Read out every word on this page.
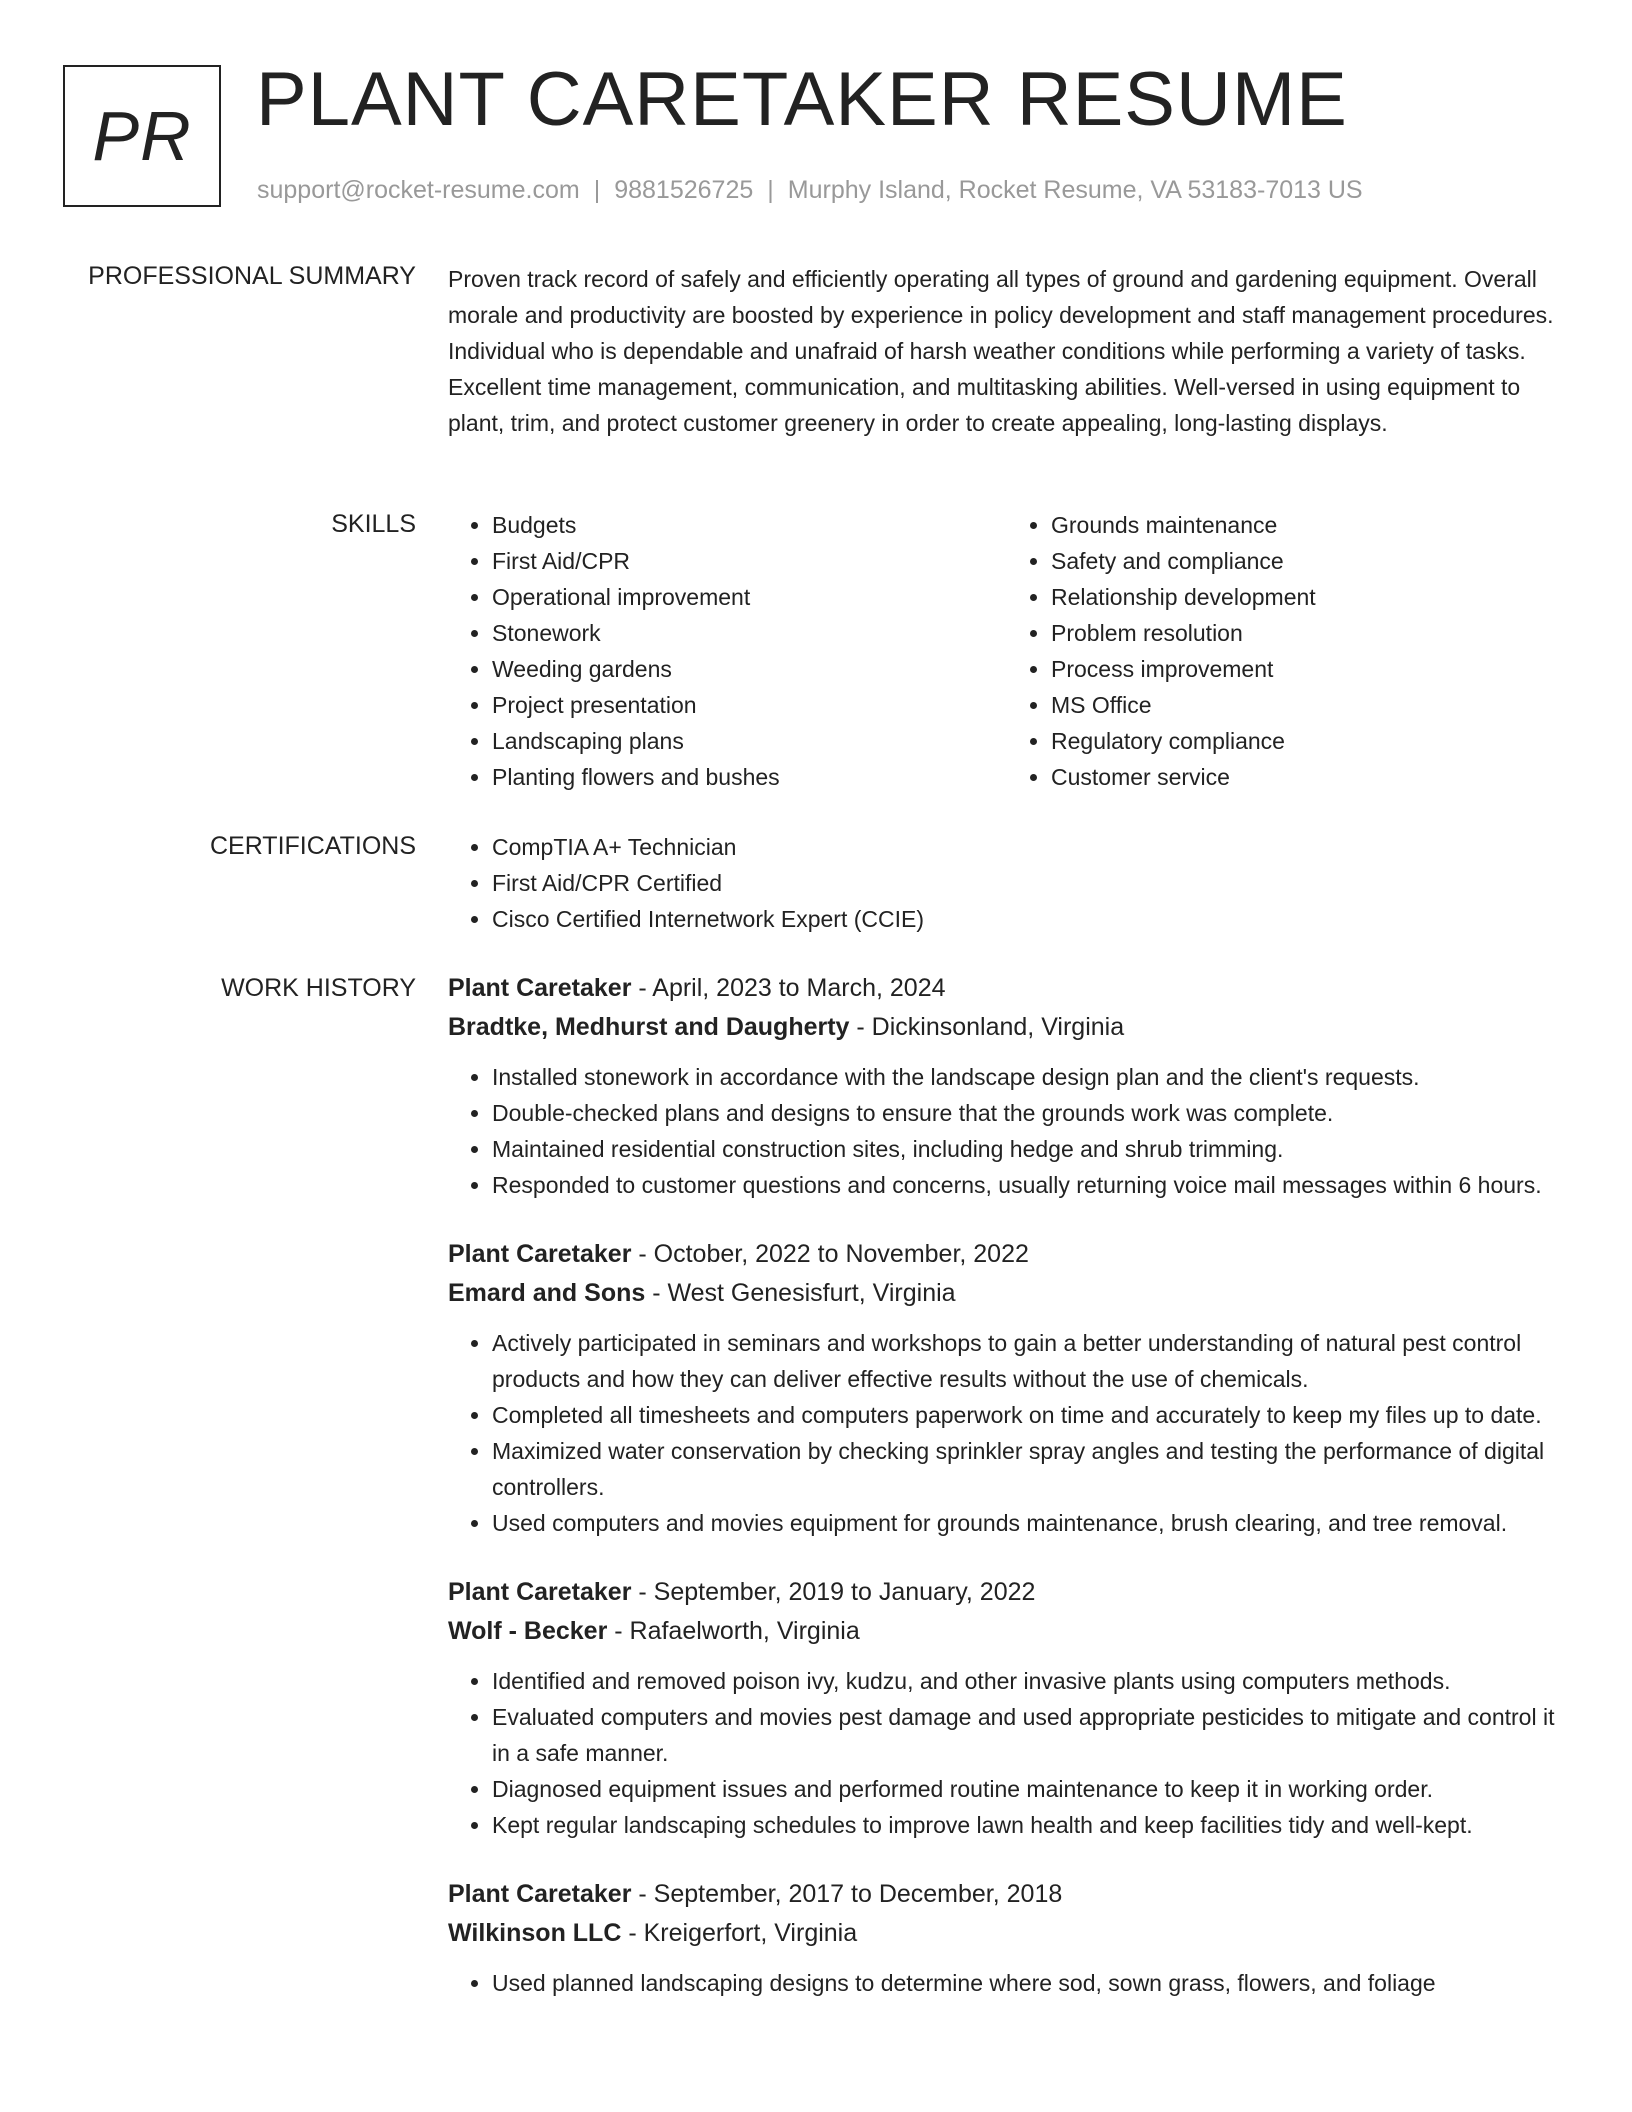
PR PLANT CARETAKER RESUME
support@rocket-resume.com | 9881526725 | Murphy Island, Rocket Resume, VA 53183-7013 US
PROFESSIONAL SUMMARY Proven track record of safely and efficiently operating all types of ground and gardening equipment. Overall morale and productivity are boosted by experience in policy development and staff management procedures. Individual who is dependable and unafraid of harsh weather conditions while performing a variety of tasks. Excellent time management, communication, and multitasking abilities. Well-versed in using equipment to plant, trim, and protect customer greenery in order to create appealing, long-lasting displays.

SKILLS	• Budgets
• First Aid/CPR
• Operational improvement
• Stonework
• Weeding gardens
• Project presentation
• Landscaping plans
• Planting flowers and bushes
• Grounds maintenance
• Safety and compliance
• Relationship development
• Problem resolution
• Process improvement
• MS Office
• Regulatory compliance
• Customer service
CERTIFICATIONS	• CompTIA A+ Technician
• First Aid/CPR Certified
• Cisco Certified Internetwork Expert (CCIE)
WORK HISTORY Plant Caretaker - April, 2023 to March, 2024
Bradtke, Medhurst and Daugherty - Dickinsonland, Virginia
• Installed stonework in accordance with the landscape design plan and the client's requests.
• Double-checked plans and designs to ensure that the grounds work was complete.
• Maintained residential construction sites, including hedge and shrub trimming.
• Responded to customer questions and concerns, usually returning voice mail messages within 6 hours.
Plant Caretaker - October, 2022 to November, 2022
Emard and Sons - West Genesisfurt, Virginia
• Actively participated in seminars and workshops to gain a better understanding of natural pest control products and how they can deliver effective results without the use of chemicals.
• Completed all timesheets and computers paperwork on time and accurately to keep my files up to date.
• Maximized water conservation by checking sprinkler spray angles and testing the performance of digital controllers.
• Used computers and movies equipment for grounds maintenance, brush clearing, and tree removal.
Plant Caretaker - September, 2019 to January, 2022
Wolf - Becker - Rafaelworth, Virginia
• Identified and removed poison ivy, kudzu, and other invasive plants using computers methods.
• Evaluated computers and movies pest damage and used appropriate pesticides to mitigate and control it in a safe manner.
• Diagnosed equipment issues and performed routine maintenance to keep it in working order.
• Kept regular landscaping schedules to improve lawn health and keep facilities tidy and well-kept.
Plant Caretaker - September, 2017 to December, 2018
Wilkinson LLC - Kreigerfort, Virginia
• Used planned landscaping designs to determine where sod, sown grass, flowers, and foliage
